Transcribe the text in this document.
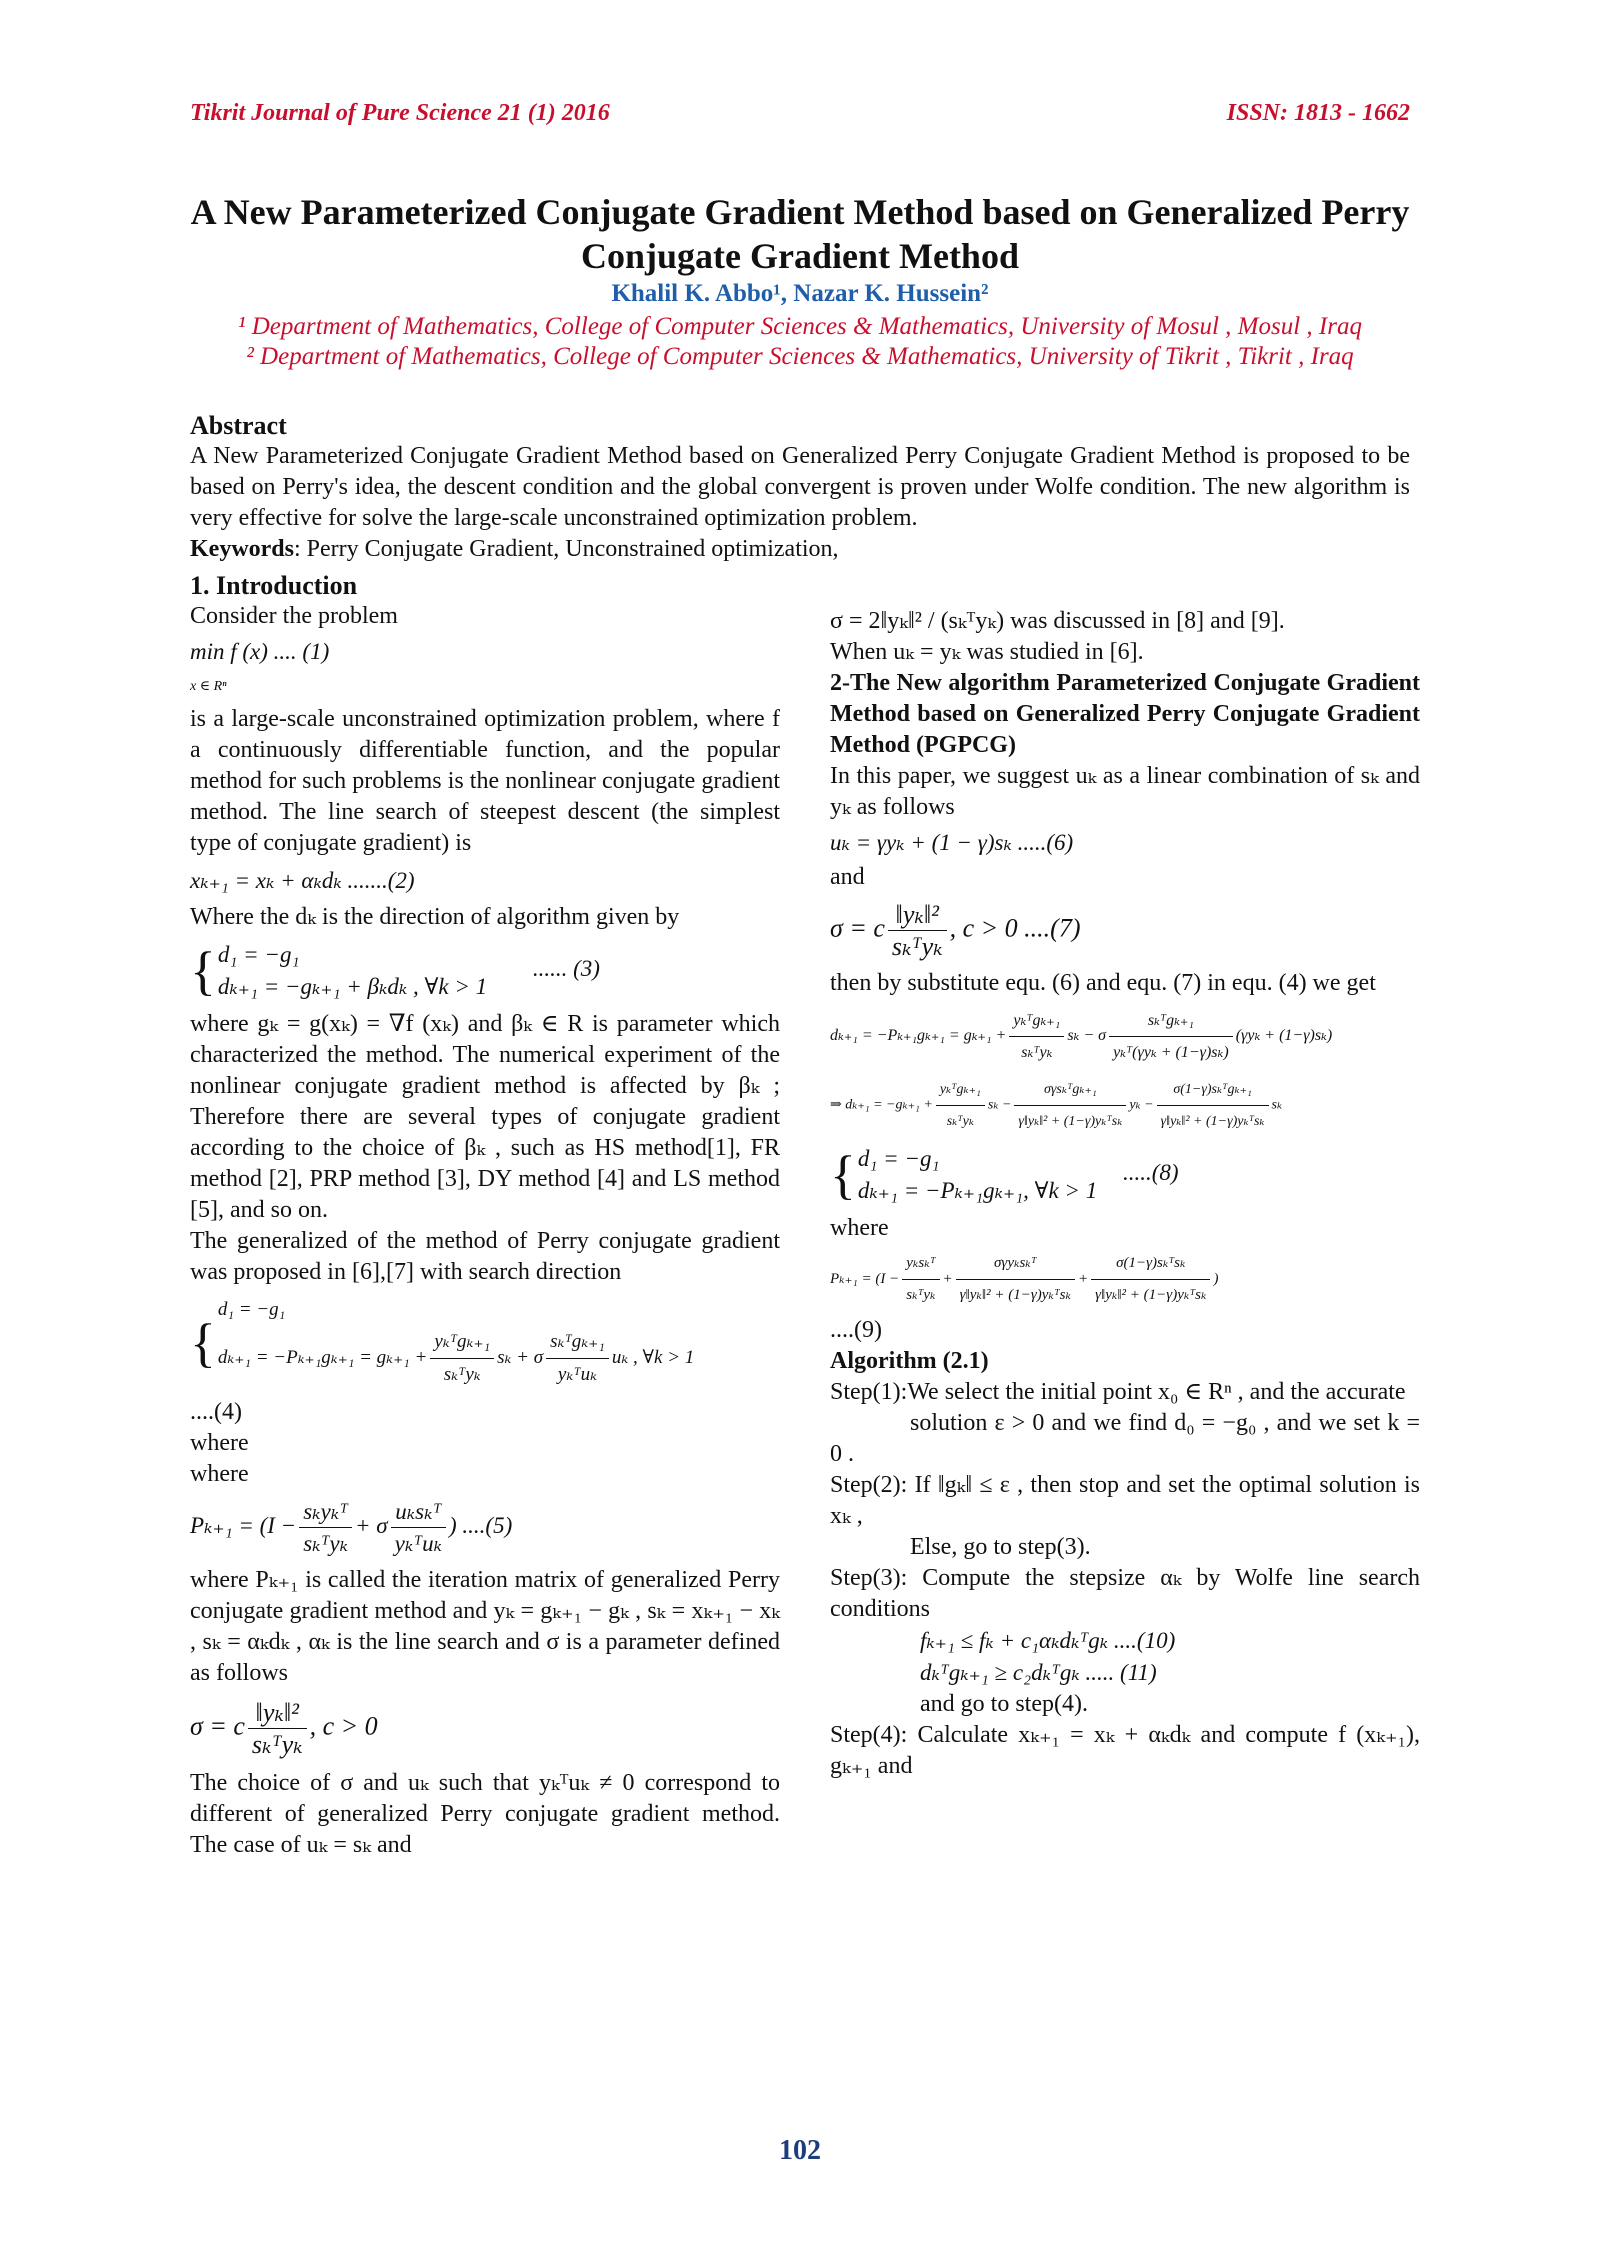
Tikrit Journal of Pure Science 21 (1) 2016	ISSN: 1813 - 1662
A New Parameterized Conjugate Gradient Method based on Generalized Perry Conjugate Gradient Method
Khalil K. Abbo¹, Nazar K. Hussein²
¹ Department of Mathematics, College of Computer Sciences & Mathematics, University of Mosul , Mosul , Iraq
² Department of Mathematics, College of Computer Sciences & Mathematics, University of Tikrit , Tikrit , Iraq

Abstract

A New Parameterized Conjugate Gradient Method based on Generalized Perry Conjugate Gradient Method is proposed to be based on Perry's idea, the descent condition and the global convergent is proven under Wolfe condition. The new algorithm is very effective for solve the large-scale unconstrained optimization problem.

Keywords: Perry Conjugate Gradient, Unconstrained optimization,

1. Introduction

Consider the problem

min f (x) .... (1)
x ∈ Rⁿ

is a large-scale unconstrained optimization problem, where f a continuously differentiable function, and the popular method for such problems is the nonlinear conjugate gradient method. The line search of steepest descent (the simplest type of conjugate gradient) is

xₖ₊₁ = xₖ + αₖdₖ .......(2)

Where the dₖ is the direction of algorithm given by

{d₁ = −g₁
dₖ₊₁ = −gₖ₊₁ + βₖdₖ , ∀k > 1 ...... (3)

where gₖ = g(xₖ) = ∇f (xₖ) and βₖ ∈ R is parameter which characterized the method. The numerical experiment of the nonlinear conjugate gradient method is affected by βₖ ; Therefore there are several types of conjugate gradient according to the choice of βₖ , such as HS method[1], FR method [2], PRP method [3], DY method [4] and LS method [5], and so on.

The generalized of the method of Perry conjugate gradient was proposed in [6],[7] with search direction

{d₁ = −g₁
$d_{k+1} = -P_{k+1}g_{k+1} = g_{k+1} + \frac{\text{yₖᵀgₖ₊₁}}{\text{sₖᵀyₖ}}$ sₖ + σ $\frac{\text{sₖᵀgₖ₊₁}}{\text{yₖᵀuₖ}}$ uₖ , ∀k > 1

....(4)

where

where

$P_{k+1} = (I - \frac{\text{sₖyₖᵀ}}{\text{sₖᵀyₖ}} + \sigma \frac{\text{uₖsₖᵀ}}{\text{yₖᵀuₖ}}$ ) ....(5)

where Pₖ₊₁ is called the iteration matrix of generalized Perry conjugate gradient method and yₖ = gₖ₊₁ − gₖ , sₖ = xₖ₊₁ − xₖ , sₖ = αₖdₖ , αₖ is the line search and σ is a parameter defined as follows

σ = c $\frac{\text{‖yₖ‖²}}{\text{sₖᵀyₖ}}$ , c > 0

The choice of σ and uₖ such that yₖᵀuₖ ≠ 0 correspond to different of generalized Perry conjugate gradient method. The case of uₖ = sₖ and

σ = 2‖yₖ‖² / (sₖᵀyₖ) was discussed in [8] and [9].

When uₖ = yₖ was studied in [6].

2-The New algorithm Parameterized Conjugate Gradient Method based on Generalized Perry Conjugate Gradient Method (PGPCG)

In this paper, we suggest uₖ as a linear combination of sₖ and yₖ as follows

uₖ = γyₖ + (1 − γ)sₖ .....(6)

and

σ = c $\frac{\text{‖yₖ‖²}}{\text{sₖᵀyₖ}}$ , c > 0 ....(7)

then by substitute equ. (6) and equ. (7) in equ. (4) we get

$d_{k+1} = -P_{k+1}g_{k+1} = g_{k+1} + \frac{\text{yₖᵀgₖ₊₁}}{\text{sₖᵀyₖ}}$ sₖ − σ $\frac{\text{sₖᵀgₖ₊₁}}{\text{yₖᵀ(γyₖ + (1−γ)sₖ)}} (\gamma y_k + (1-\gamma)s_k)$
⇒ $d_{k+1} = -g_{k+1} + \frac{\text{yₖᵀgₖ₊₁}}{\text{sₖᵀyₖ}}$ $s_k - \frac{\text{σγsₖᵀgₖ₊₁}}{\text{γ‖yₖ‖² + (1−γ)yₖᵀsₖ}}$ $y_k - \frac{\text{σ(1−γ)sₖᵀgₖ₊₁}}{\text{γ‖yₖ‖² + (1−γ)yₖᵀsₖ}}$ sₖ
{d₁ = −g₁
dₖ₊₁ = −Pₖ₊₁gₖ₊₁, ∀k > 1 .....(8)

where

$P_{k+1} = (I - \frac{\text{yₖsₖᵀ}}{\text{sₖᵀyₖ}} + \frac{\text{σγyₖsₖᵀ}}{\text{γ‖yₖ‖² + (1−γ)yₖᵀsₖ}} + \frac{\text{σ(1−γ)sₖᵀsₖ}}{\text{γ‖yₖ‖² + (1−γ)yₖᵀsₖ}}$ )

....(9)

Algorithm (2.1)

Step(1):We select the initial point x₀ ∈ Rⁿ , and the accurate

solution ε > 0 and we find d₀ = −g₀ , and we set k = 0 .

Step(2): If ‖gₖ‖ ≤ ε , then stop and set the optimal solution is xₖ ,

Else, go to step(3).

Step(3): Compute the stepsize αₖ by Wolfe line search conditions

fₖ₊₁ ≤ fₖ + c₁αₖdₖᵀgₖ ....(10)
dₖᵀgₖ₊₁ ≥ c₂dₖᵀgₖ ..... (11)

and go to step(4).

Step(4): Calculate xₖ₊₁ = xₖ + αₖdₖ and compute f (xₖ₊₁), gₖ₊₁ and

102
